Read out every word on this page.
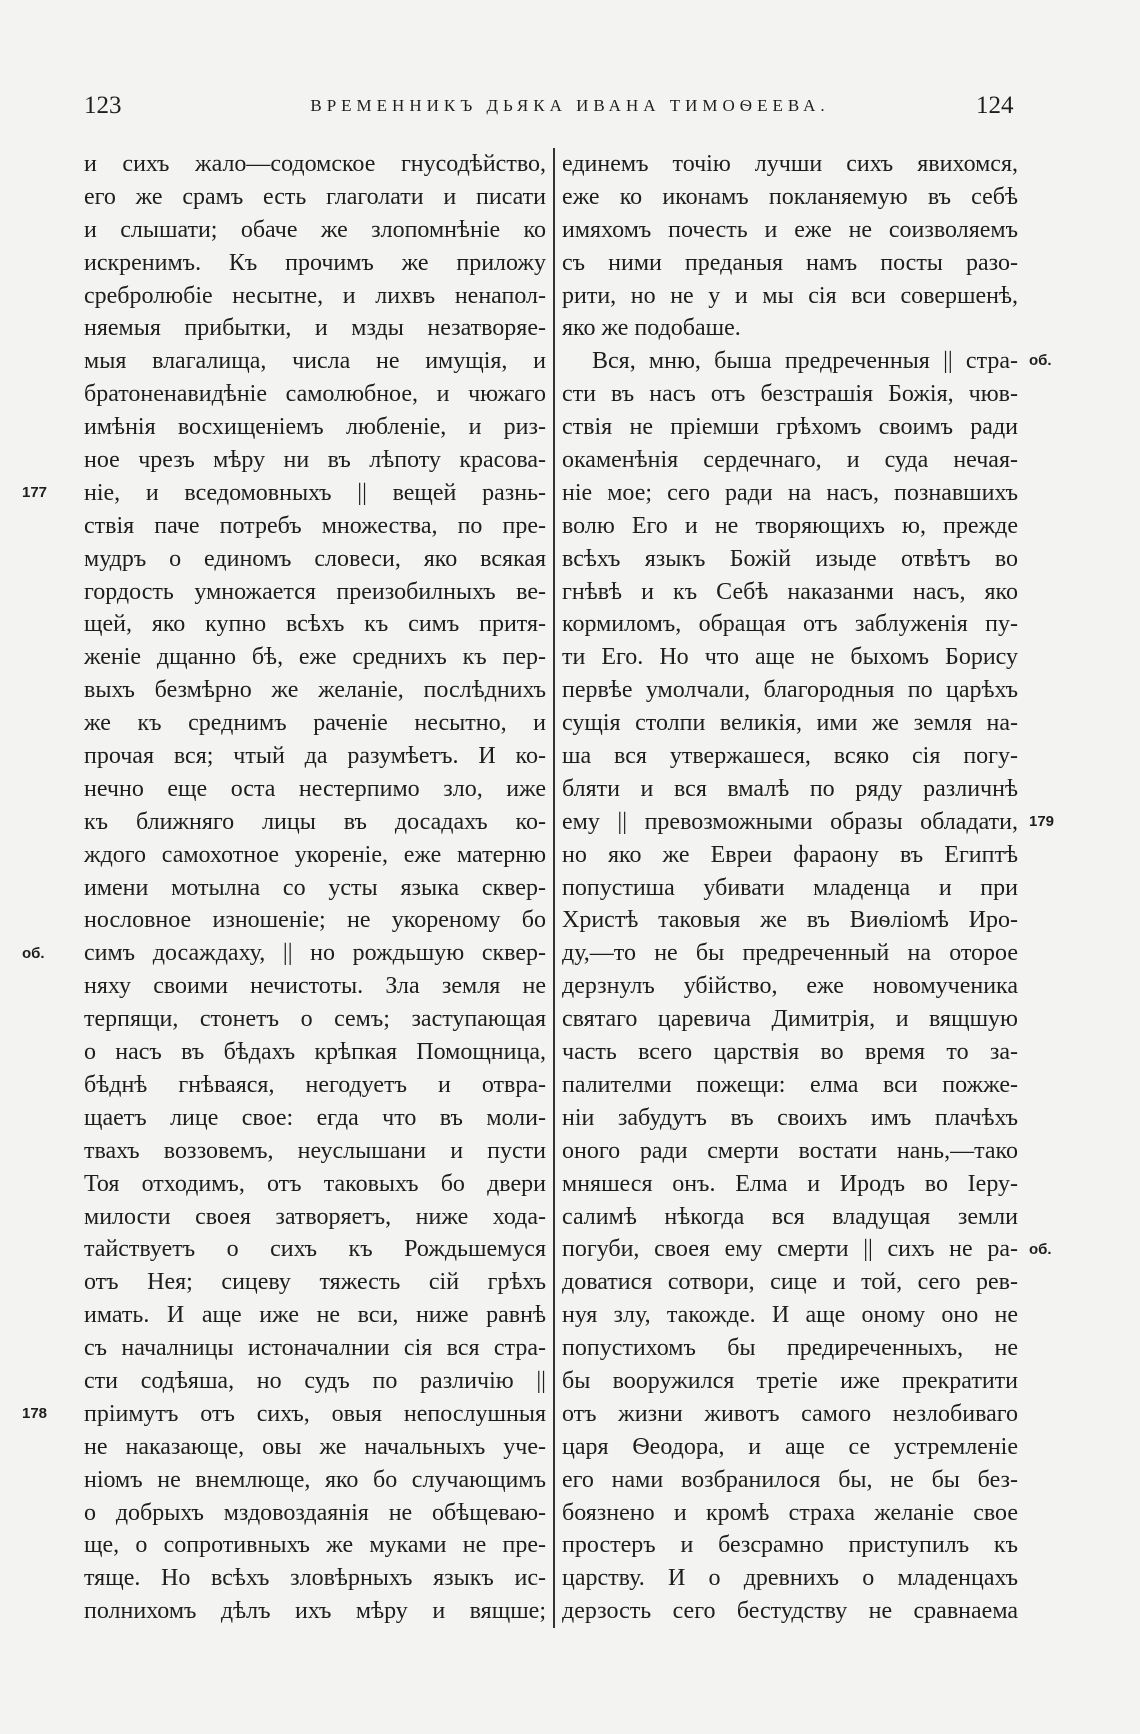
123	ВРЕМЕННИКЪ ДЬЯКА ИВАНА ТИМОѲЕЕВА.	124
и сихъ жало—содомское гнусодѣйство,
его же срамъ есть глаголати и писати
и слышати; обаче же злопомнѣніе ко
искренимъ. Къ прочимъ же приложу
сребролюбіе несытне, и лихвъ ненапол-
няемыя прибытки, и мзды незатворяе-
мыя влагалища, числа не имущія, и
братоненавидѣніе самолюбное, и чюжаго
имѣнія восхищеніемъ любленіе, и риз-
ное чрезъ мѣру ни въ лѣпоту красова-
ніе, и вседомовныхъ || вещей разнь-
177
ствія паче потребъ множества, по пре-
мудръ о единомъ словеси, яко всякая
гордость умножается преизобилныхъ ве-
щей, яко купно всѣхъ къ симъ притя-
женіе дщанно бѣ, еже среднихъ къ пер-
выхъ безмѣрно же желаніе, послѣднихъ
же къ среднимъ раченіе несытно, и
прочая вся; чтый да разумѣетъ. И ко-
нечно еще оста нестерпимо зло, иже
къ ближняго лицы въ досадахъ ко-
ждого самохотное укореніе, еже матерню
имени мотылна со усты языка сквер-
нословное изношеніе; не укореному бо
симъ досаждаху, || но рождьшую сквер-
об.
няху своими нечистоты. Зла земля не
терпящи, стонетъ о семъ; заступающая
о насъ въ бѣдахъ крѣпкая Помощница,
бѣднѣ гнѣваяся, негодуетъ и отвра-
щаетъ лице свое: егда что въ моли-
твахъ воззовемъ, неуслышани и пусти
Тоя отходимъ, отъ таковыхъ бо двери
милости своея затворяетъ, ниже хода-
тайствуетъ о сихъ къ Рождьшемуся
отъ Нея; сицеву тяжесть сій грѣхъ
имать. И аще иже не вси, ниже равнѣ
съ началницы истоначалнии сія вся стра-
сти содѣяша, но судъ по различію ||
пріимутъ отъ сихъ, овыя непослушныя
178
не наказающе, овы же начальныхъ уче-
ніомъ не внемлюще, яко бо случающимъ
о добрыхъ мздовоздаянія не обѣщеваю-
ще, о сопротивныхъ же муками не пре-
тяще. Но всѣхъ зловѣрныхъ языкъ ис-
полнихомъ дѣлъ ихъ мѣру и вящше;
единемъ точію лучши сихъ явихомся,
еже ко иконамъ покланяемую въ себѣ
имяхомъ почесть и еже не соизволяемъ
съ ними преданыя намъ посты разо-
рити, но не у и мы сія вси совершенѣ,
яко же подобаше.
Вся, мню, быша предреченныя || стра- об.
сти въ насъ отъ безстрашія Божія, чюв-
ствія не пріемши грѣхомъ своимъ ради
окаменѣнія сердечнаго, и суда нечая-
ніе мое; сего ради на насъ, познавшихъ
волю Его и не творяющихъ ю, прежде
всѣхъ языкъ Божій изыде отвѣтъ во
гнѣвѣ и къ Себѣ наказанми насъ, яко
кормиломъ, обращая отъ заблуженія пу-
ти Его. Но что аще не быхомъ Борису
первѣе умолчали, благородныя по царѣхъ
сущія столпи великія, ими же земля на-
ша вся утвержашеся, всяко сія погу-
бляти и вся вмалѣ по ряду различнѣ
ему || превозможными образы обладати, 179
но яко же Евреи фараону въ Египтѣ
попустиша убивати младенца и при
Христѣ таковыя же въ Виѳліомѣ Иро-
ду,—то не бы предреченный на оторое
дерзнулъ убійство, еже новомученика
святаго царевича Димитрія, и вящшую
часть всего царствія во время то за-
палителми пожещи: елма вси пожже-
ніи забудутъ въ своихъ имъ плачѣхъ
оного ради смерти востати нань,—тако
мняшеся онъ. Елма и Иродъ во Іеру-
салимѣ нѣкогда вся владущая земли
погуби, своея ему смерти || сихъ не ра- об.
доватися сотвори, сице и той, сего рев-
нуя злу, такожде. И аще оному оно не
попустихомъ бы предиреченныхъ, не
бы вооружился третіе иже прекратити
отъ жизни животъ самого незлобиваго
царя Ѳеодора, и аще се устремленіе
его нами возбранилося бы, не бы без-
боязнено и кромѣ страха желаніе свое
простеръ и безсрамно приступилъ къ
царству. И о древнихъ о младенцахъ
дерзость сего бестудству не сравнаема
